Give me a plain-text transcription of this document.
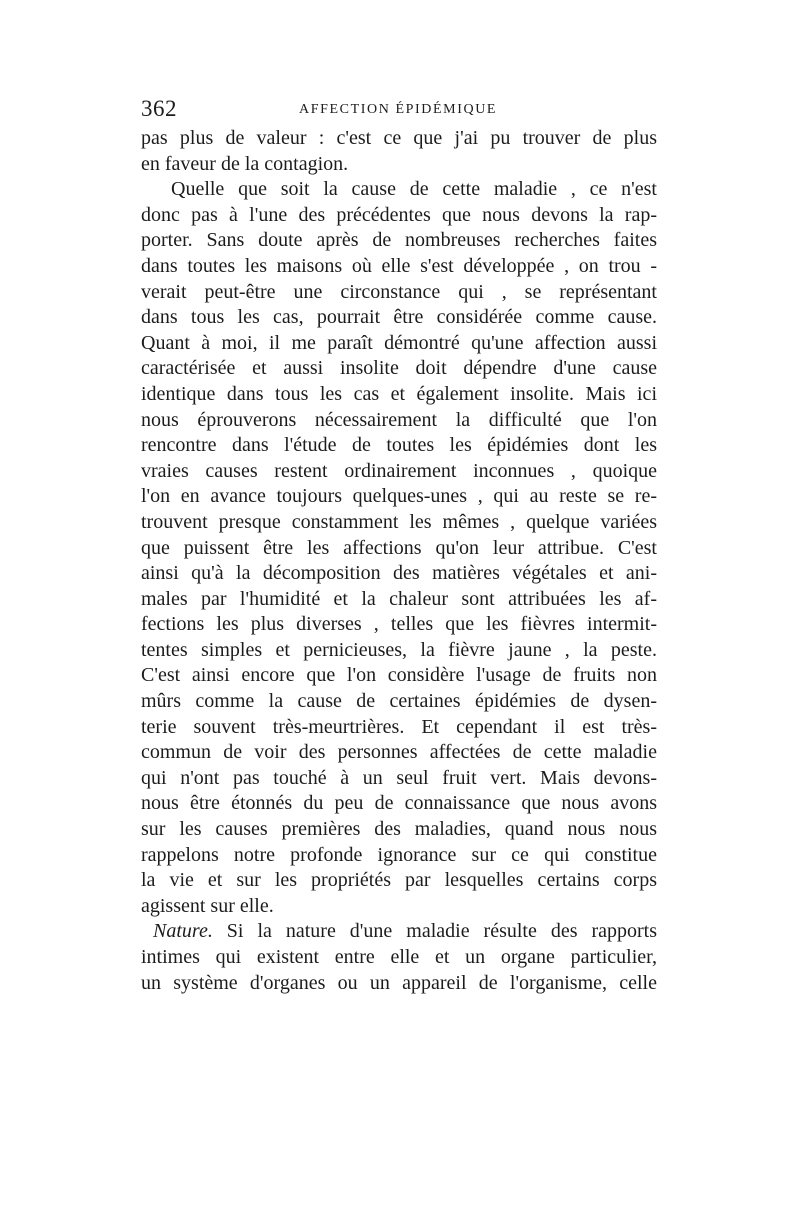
362	AFFECTION ÉPIDÉMIQUE
pas plus de valeur : c'est ce que j'ai pu trouver de plus
en faveur de la contagion.
Quelle que soit la cause de cette maladie , ce n'est
donc pas à l'une des précédentes que nous devons la rap-
porter. Sans doute après de nombreuses recherches faites
dans toutes les maisons où elle s'est développée , on trou -
verait peut-être une circonstance qui , se représentant
dans tous les cas, pourrait être considérée comme cause.
Quant à moi, il me paraît démontré qu'une affection aussi
caractérisée et aussi insolite doit dépendre d'une cause
identique dans tous les cas et également insolite. Mais ici
nous éprouverons nécessairement la difficulté que l'on
rencontre dans l'étude de toutes les épidémies dont les
vraies causes restent ordinairement inconnues , quoique
l'on en avance toujours quelques-unes , qui au reste se re-
trouvent presque constamment les mêmes , quelque variées
que puissent être les affections qu'on leur attribue. C'est
ainsi qu'à la décomposition des matières végétales et ani-
males par l'humidité et la chaleur sont attribuées les af-
fections les plus diverses , telles que les fièvres intermit-
tentes simples et pernicieuses, la fièvre jaune , la peste.
C'est ainsi encore que l'on considère l'usage de fruits non
mûrs comme la cause de certaines épidémies de dysen-
terie souvent très-meurtrières. Et cependant il est très-
commun de voir des personnes affectées de cette maladie
qui n'ont pas touché à un seul fruit vert. Mais devons-
nous être étonnés du peu de connaissance que nous avons
sur les causes premières des maladies, quand nous nous
rappelons notre profonde ignorance sur ce qui constitue
la vie et sur les propriétés par lesquelles certains corps
agissent sur elle.
Nature. Si la nature d'une maladie résulte des rapports
intimes qui existent entre elle et un organe particulier,
un système d'organes ou un appareil de l'organisme, celle
